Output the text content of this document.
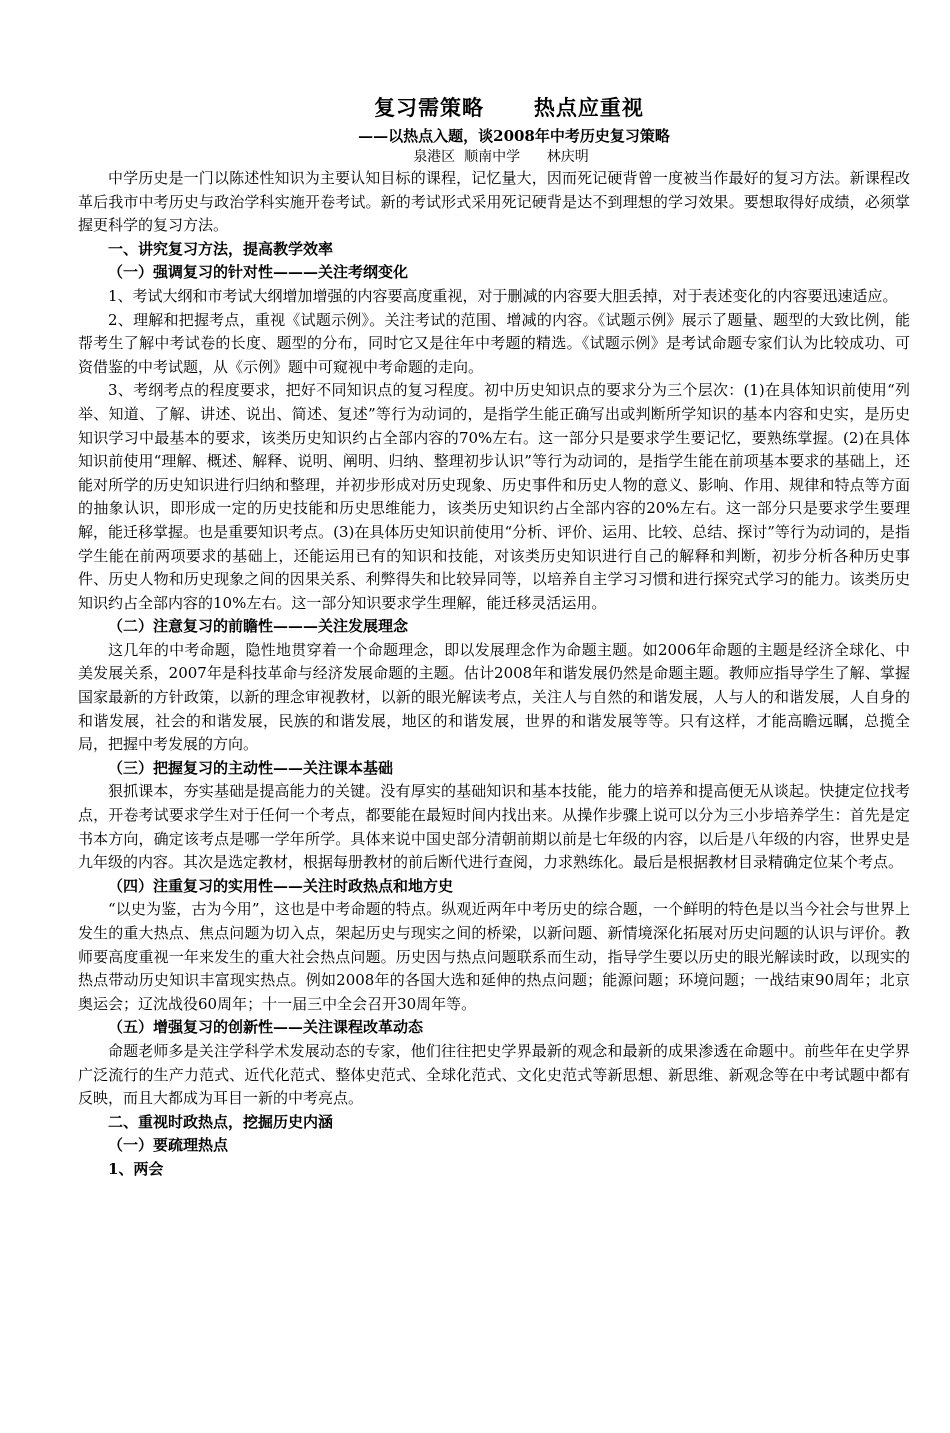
复习需策略      热点应重视
——以热点入题，谈2008年中考历史复习策略
泉港区  顺南中学      林庆明

中学历史是一门以陈述性知识为主要认知目标的课程，记忆量大，因而死记硬背曾一度被当作最好的复习方法。新课程改革后我市中考历史与政治学科实施开卷考试。新的考试形式采用死记硬背是达不到理想的学习效果。要想取得好成绩，必须掌握更科学的复习方法。

一、讲究复习方法，提高教学效率

（一）强调复习的针对性———关注考纲变化

1、考试大纲和市考试大纲增加增强的内容要高度重视，对于删减的内容要大胆丢掉，对于表述变化的内容要迅速适应。

2、理解和把握考点，重视《试题示例》。关注考试的范围、增减的内容。《试题示例》展示了题量、题型的大致比例，能帮考生了解中考试卷的长度、题型的分布，同时它又是往年中考题的精选。《试题示例》是考试命题专家们认为比较成功、可资借鉴的中考试题，从《示例》题中可窥视中考命题的走向。

3、考纲考点的程度要求，把好不同知识点的复习程度。初中历史知识点的要求分为三个层次：(1)在具体知识前使用“列举、知道、了解、讲述、说出、简述、复述”等行为动词的，是指学生能正确写出或判断所学知识的基本内容和史实，是历史知识学习中最基本的要求，该类历史知识约占全部内容的70%左右。这一部分只是要求学生要记忆，要熟练掌握。(2)在具体知识前使用“理解、概述、解释、说明、阐明、归纳、整理初步认识”等行为动词的，是指学生能在前项基本要求的基础上，还能对所学的历史知识进行归纳和整理，并初步形成对历史现象、历史事件和历史人物的意义、影响、作用、规律和特点等方面的抽象认识，即形成一定的历史技能和历史思维能力，该类历史知识约占全部内容的20%左右。这一部分只是要求学生要理解，能迁移掌握。也是重要知识考点。(3)在具体历史知识前使用“分析、评价、运用、比较、总结、探讨”等行为动词的，是指学生能在前两项要求的基础上，还能运用已有的知识和技能，对该类历史知识进行自己的解释和判断，初步分析各种历史事件、历史人物和历史现象之间的因果关系、利弊得失和比较异同等，以培养自主学习习惯和进行探究式学习的能力。该类历史知识约占全部内容的10%左右。这一部分知识要求学生理解，能迁移灵活运用。

（二）注意复习的前瞻性———关注发展理念

这几年的中考命题，隐性地贯穿着一个命题理念，即以发展理念作为命题主题。如2006年命题的主题是经济全球化、中美发展关系，2007年是科技革命与经济发展命题的主题。估计2008年和谐发展仍然是命题主题。教师应指导学生了解、掌握国家最新的方针政策，以新的理念审视教材，以新的眼光解读考点，关注人与自然的和谐发展，人与人的和谐发展，人自身的和谐发展，社会的和谐发展，民族的和谐发展，地区的和谐发展，世界的和谐发展等等。只有这样，才能高瞻远瞩，总揽全局，把握中考发展的方向。

（三）把握复习的主动性——关注课本基础

狠抓课本，夯实基础是提高能力的关键。没有厚实的基础知识和基本技能，能力的培养和提高便无从谈起。快捷定位找考点，开卷考试要求学生对于任何一个考点，都要能在最短时间内找出来。从操作步骤上说可以分为三小步培养学生：首先是定书本方向，确定该考点是哪一学年所学。具体来说中国史部分清朝前期以前是七年级的内容，以后是八年级的内容，世界史是九年级的内容。其次是选定教材，根据每册教材的前后断代进行查阅，力求熟练化。最后是根据教材目录精确定位某个考点。

（四）注重复习的实用性——关注时政热点和地方史

“以史为鉴，古为今用”，这也是中考命题的特点。纵观近两年中考历史的综合题，一个鲜明的特色是以当今社会与世界上发生的重大热点、焦点问题为切入点，架起历史与现实之间的桥梁，以新问题、新情境深化拓展对历史问题的认识与评价。教师要高度重视一年来发生的重大社会热点问题。历史因与热点问题联系而生动，指导学生要以历史的眼光解读时政，以现实的热点带动历史知识丰富现实热点。例如2008年的各国大选和延伸的热点问题；能源问题；环境问题；一战结束90周年；北京奥运会；辽沈战役60周年；十一届三中全会召开30周年等。

（五）增强复习的创新性——关注课程改革动态

命题老师多是关注学科学术发展动态的专家，他们往往把史学界最新的观念和最新的成果渗透在命题中。前些年在史学界广泛流行的生产力范式、近代化范式、整体史范式、全球化范式、文化史范式等新思想、新思维、新观念等在中考试题中都有反映，而且大都成为耳目一新的中考亮点。

二、重视时政热点，挖掘历史内涵

（一）要疏理热点

1、两会
